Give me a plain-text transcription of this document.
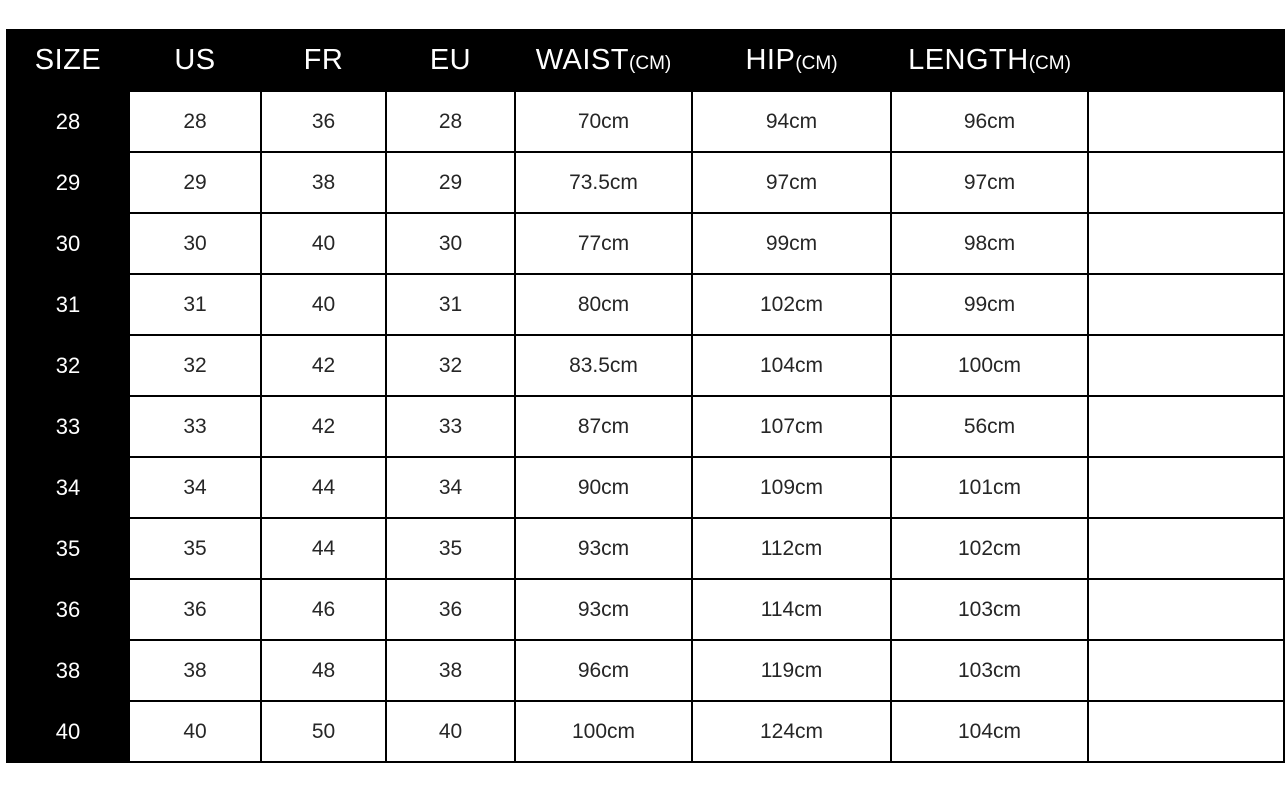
SIZE	US	FR	EU	WAIST(CM)	HIP(CM)	LENGTH(CM)	
28	28	36	28	70cm	94cm	96cm	
29	29	38	29	73.5cm	97cm	97cm	
30	30	40	30	77cm	99cm	98cm	
31	31	40	31	80cm	102cm	99cm	
32	32	42	32	83.5cm	104cm	100cm	
33	33	42	33	87cm	107cm	56cm	
34	34	44	34	90cm	109cm	101cm	
35	35	44	35	93cm	112cm	102cm	
36	36	46	36	93cm	114cm	103cm	
38	38	48	38	96cm	119cm	103cm	
40	40	50	40	100cm	124cm	104cm	
